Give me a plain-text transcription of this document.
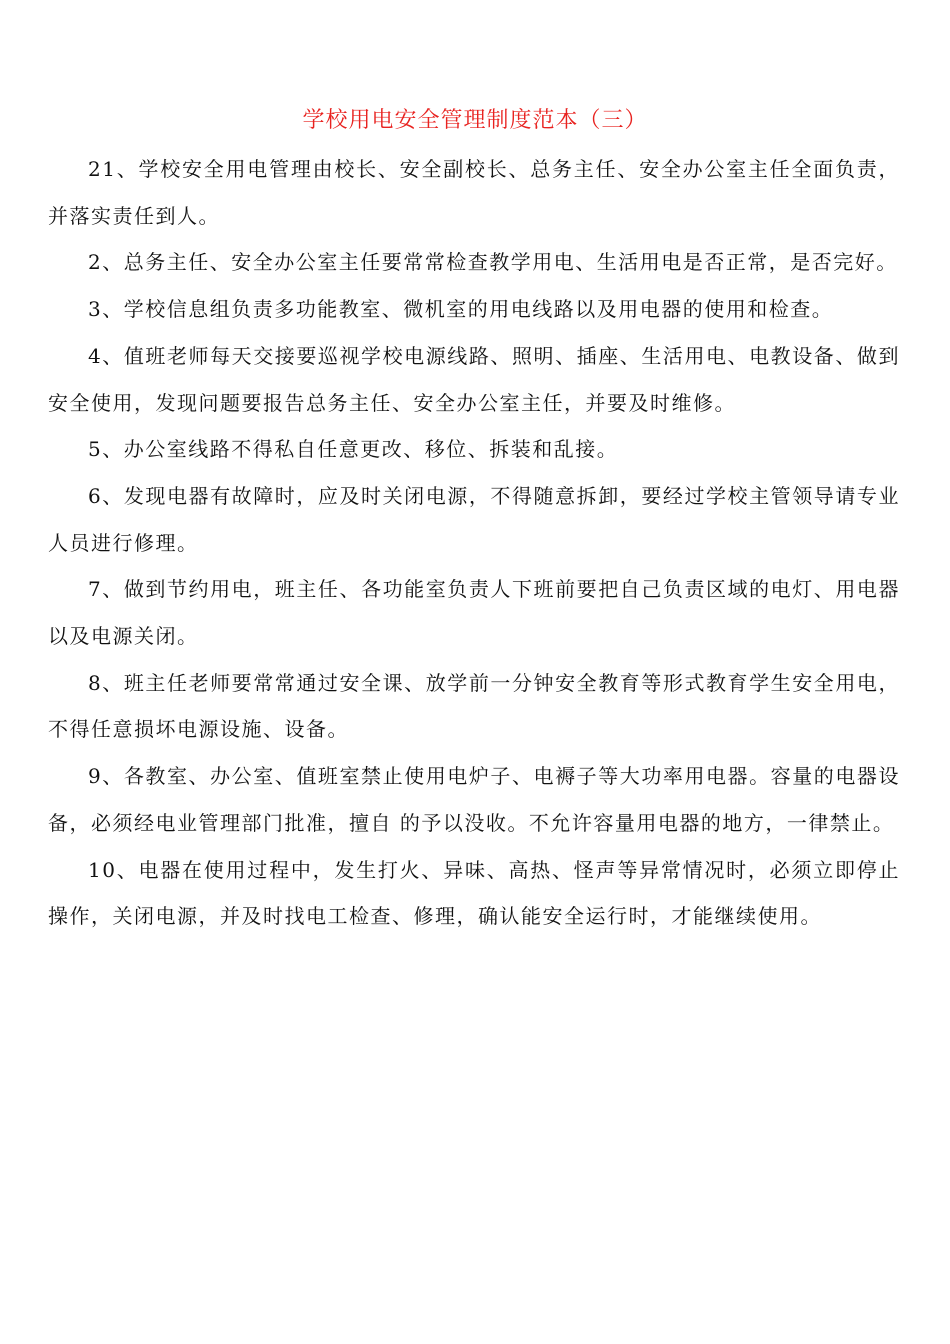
学校用电安全管理制度范本（三）

21、学校安全用电管理由校长、安全副校长、总务主任、安全办公室主任全面负责，并落实责任到人。

2、总务主任、安全办公室主任要常常检查教学用电、生活用电是否正常，是否完好。

3、学校信息组负责多功能教室、微机室的用电线路以及用电器的使用和检查。

4、值班老师每天交接要巡视学校电源线路、照明、插座、生活用电、电教设备、做到安全使用，发现问题要报告总务主任、安全办公室主任，并要及时维修。

5、办公室线路不得私自任意更改、移位、拆装和乱接。

6、发现电器有故障时，应及时关闭电源，不得随意拆卸，要经过学校主管领导请专业人员进行修理。

7、做到节约用电，班主任、各功能室负责人下班前要把自己负责区域的电灯、用电器以及电源关闭。

8、班主任老师要常常通过安全课、放学前一分钟安全教育等形式教育学生安全用电，不得任意损坏电源设施、设备。

9、各教室、办公室、值班室禁止使用电炉子、电褥子等大功率用电器。容量的电器设备，必须经电业管理部门批准，擅自 的予以没收。不允许容量用电器的地方，一律禁止。

10、电器在使用过程中，发生打火、异味、高热、怪声等异常情况时，必须立即停止操作，关闭电源，并及时找电工检查、修理，确认能安全运行时，才能继续使用。
